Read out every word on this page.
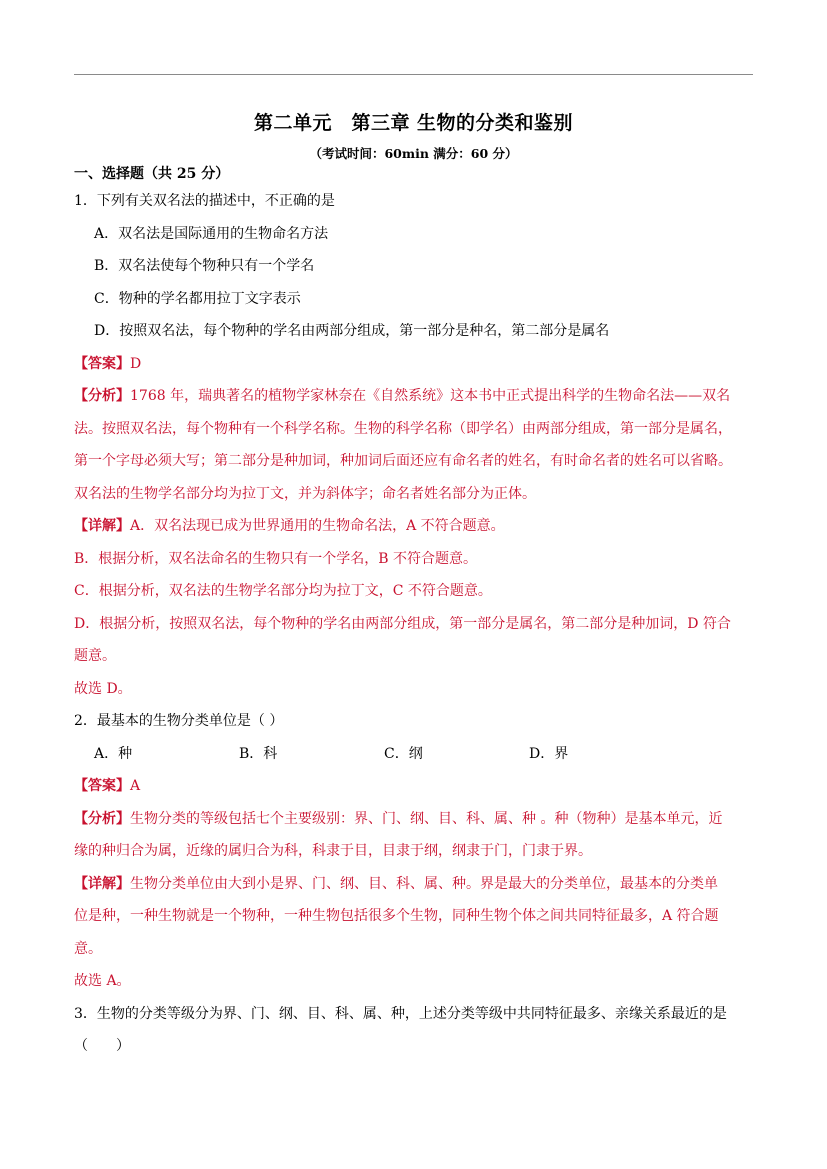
第二单元　第三章 生物的分类和鉴别
（考试时间：60min 满分：60 分）
一、选择题（共 25 分）
1．下列有关双名法的描述中，不正确的是
A．双名法是国际通用的生物命名方法
B．双名法使每个物种只有一个学名
C．物种的学名都用拉丁文字表示
D．按照双名法，每个物种的学名由两部分组成，第一部分是种名，第二部分是属名
【答案】D
【分析】1768 年，瑞典著名的植物学家林奈在《自然系统》这本书中正式提出科学的生物命名法——双名
法。按照双名法，每个物种有一个科学名称。生物的科学名称（即学名）由两部分组成，第一部分是属名，
第一个字母必须大写；第二部分是种加词，种加词后面还应有命名者的姓名，有时命名者的姓名可以省略。
双名法的生物学名部分均为拉丁文，并为斜体字；命名者姓名部分为正体。
【详解】A．双名法现已成为世界通用的生物命名法，A 不符合题意。
B．根据分析，双名法命名的生物只有一个学名，B 不符合题意。
C．根据分析，双名法的生物学名部分均为拉丁文，C 不符合题意。
D．根据分析，按照双名法，每个物种的学名由两部分组成，第一部分是属名，第二部分是种加词，D 符合
题意。
故选 D。
2．最基本的生物分类单位是（ ）
A．种	B．科	C．纲	D．界
【答案】A
【分析】生物分类的等级包括七个主要级别：界、门、纲、目、科、属、种 。种（物种）是基本单元，近
缘的种归合为属，近缘的属归合为科，科隶于目，目隶于纲，纲隶于门，门隶于界。
【详解】生物分类单位由大到小是界、门、纲、目、科、属、种。界是最大的分类单位，最基本的分类单
位是种，一种生物就是一个物种，一种生物包括很多个生物，同种生物个体之间共同特征最多，A 符合题
意。
故选 A。
3．生物的分类等级分为界、门、纲、目、科、属、种，上述分类等级中共同特征最多、亲缘关系最近的是
（　　）
